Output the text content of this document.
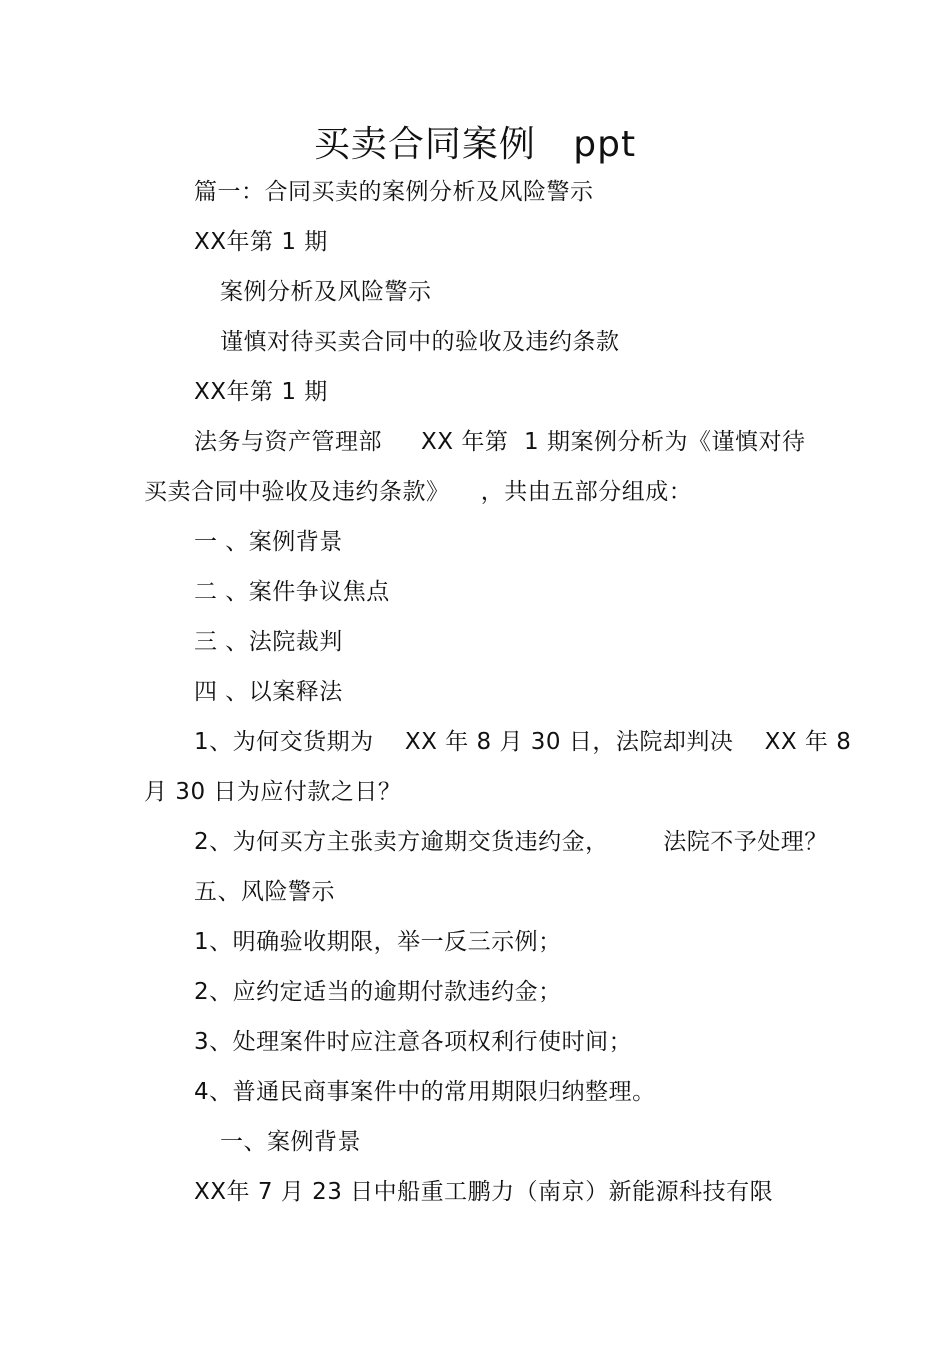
买卖合同案例   ppt
篇一：合同买卖的案例分析及风险警示
XX年第 1 期
案例分析及风险警示
谨慎对待买卖合同中的验收及违约条款
XX年第 1 期
法务与资产管理部     XX 年第  1 期案例分析为《谨慎对待
买卖合同中验收及违约条款》    ，共由五部分组成：
一 、案例背景
二 、案件争议焦点
三 、法院裁判
四 、以案释法
1、为何交货期为    XX 年 8 月 30 日，法院却判决    XX 年 8
月 30 日为应付款之日？
2、为何买方主张卖方逾期交货违约金，       法院不予处理？
五、风险警示
1、明确验收期限，举一反三示例；
2、应约定适当的逾期付款违约金；
3、处理案件时应注意各项权利行使时间；
4、普通民商事案件中的常用期限归纳整理。
一、案例背景
XX年 7 月 23 日中船重工鹏力（南京）新能源科技有限
